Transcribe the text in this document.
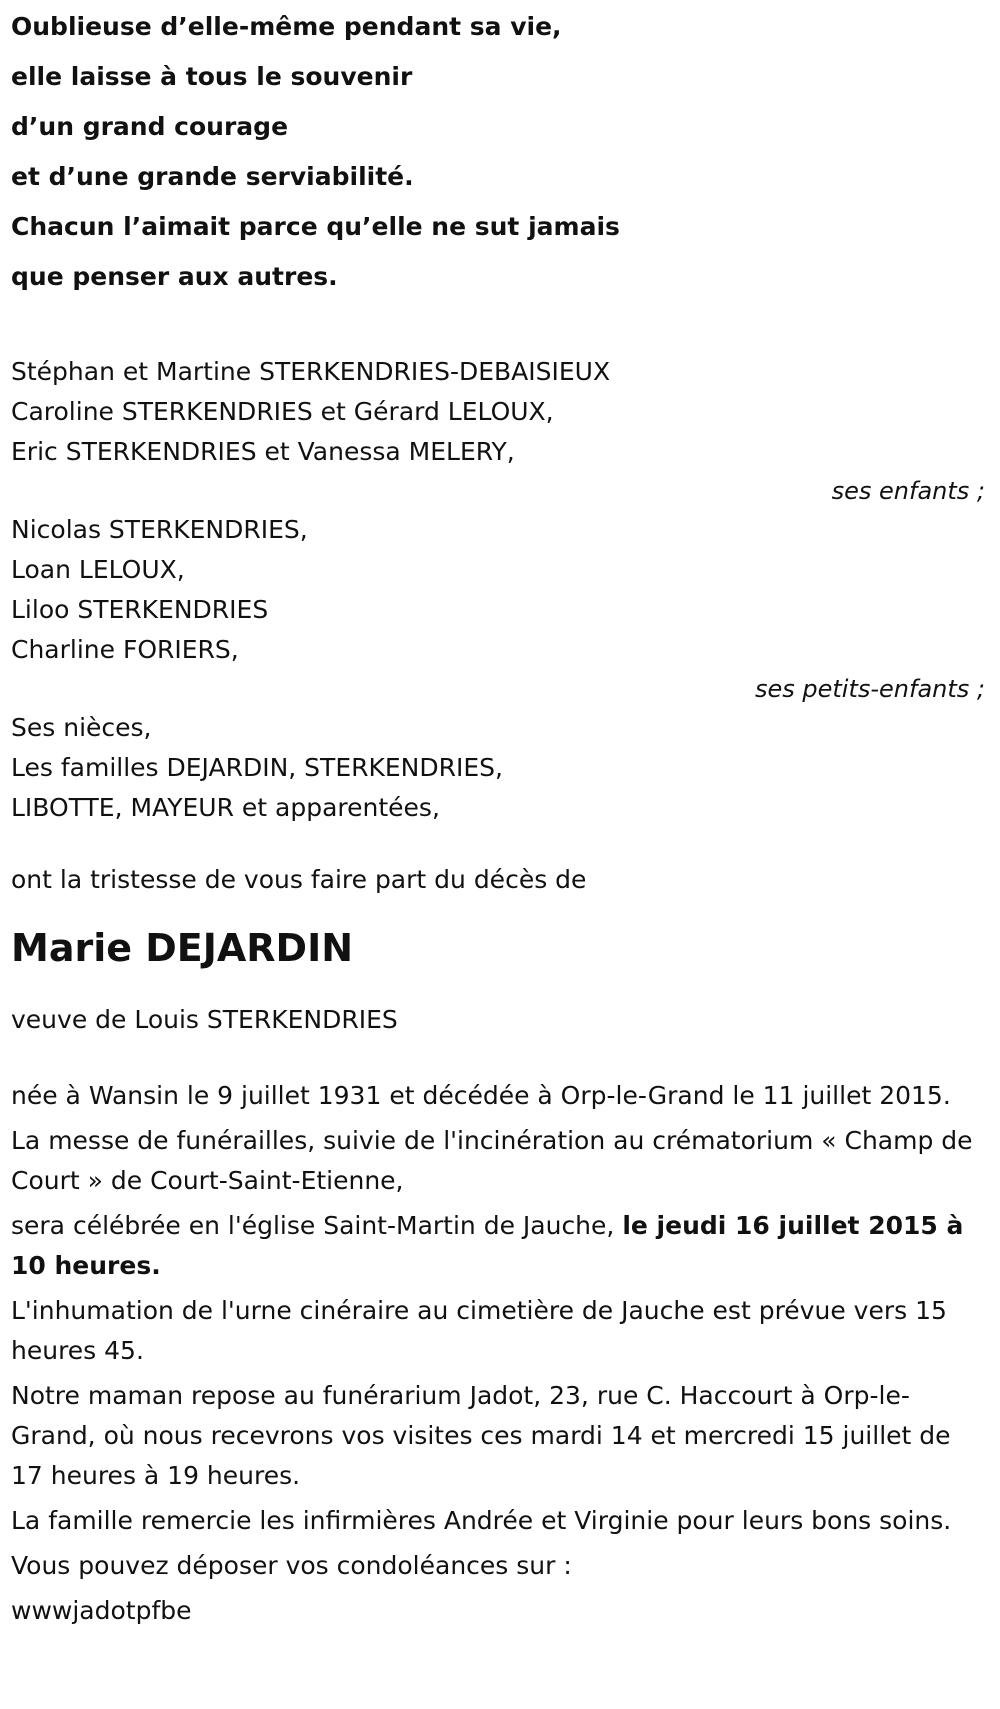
Oublieuse d’elle-même pendant sa vie,
elle laisse à tous le souvenir
d’un grand courage
et d’une grande serviabilité.
Chacun l’aimait parce qu’elle ne sut jamais
que penser aux autres.
Stéphan et Martine STERKENDRIES-DEBAISIEUX
Caroline STERKENDRIES et Gérard LELOUX,
Eric STERKENDRIES et Vanessa MELERY,
ses enfants ;
Nicolas STERKENDRIES,
Loan LELOUX,
Liloo STERKENDRIES
Charline FORIERS,
ses petits-enfants ;
Ses nièces,
Les familles DEJARDIN, STERKENDRIES,
LIBOTTE, MAYEUR et apparentées,
ont la tristesse de vous faire part du décès de
Marie DEJARDIN
veuve de Louis STERKENDRIES

née à Wansin le 9 juillet 1931 et décédée à Orp-le-Grand le 11 juillet 2015.

La messe de funérailles, suivie de l'incinération au crématorium « Champ de Court » de Court-Saint-Etienne,

sera célébrée en l'église Saint-Martin de Jauche, le jeudi 16 juillet 2015 à 10 heures.

L'inhumation de l'urne cinéraire au cimetière de Jauche est prévue vers 15 heures 45.

Notre maman repose au funérarium Jadot, 23, rue C. Haccourt à Orp-le-Grand, où nous recevrons vos visites ces mardi 14 et mercredi 15 juillet de 17 heures à 19 heures.

La famille remercie les infirmières Andrée et Virginie pour leurs bons soins.

Vous pouvez déposer vos condoléances sur :

wwwjadotpfbe
